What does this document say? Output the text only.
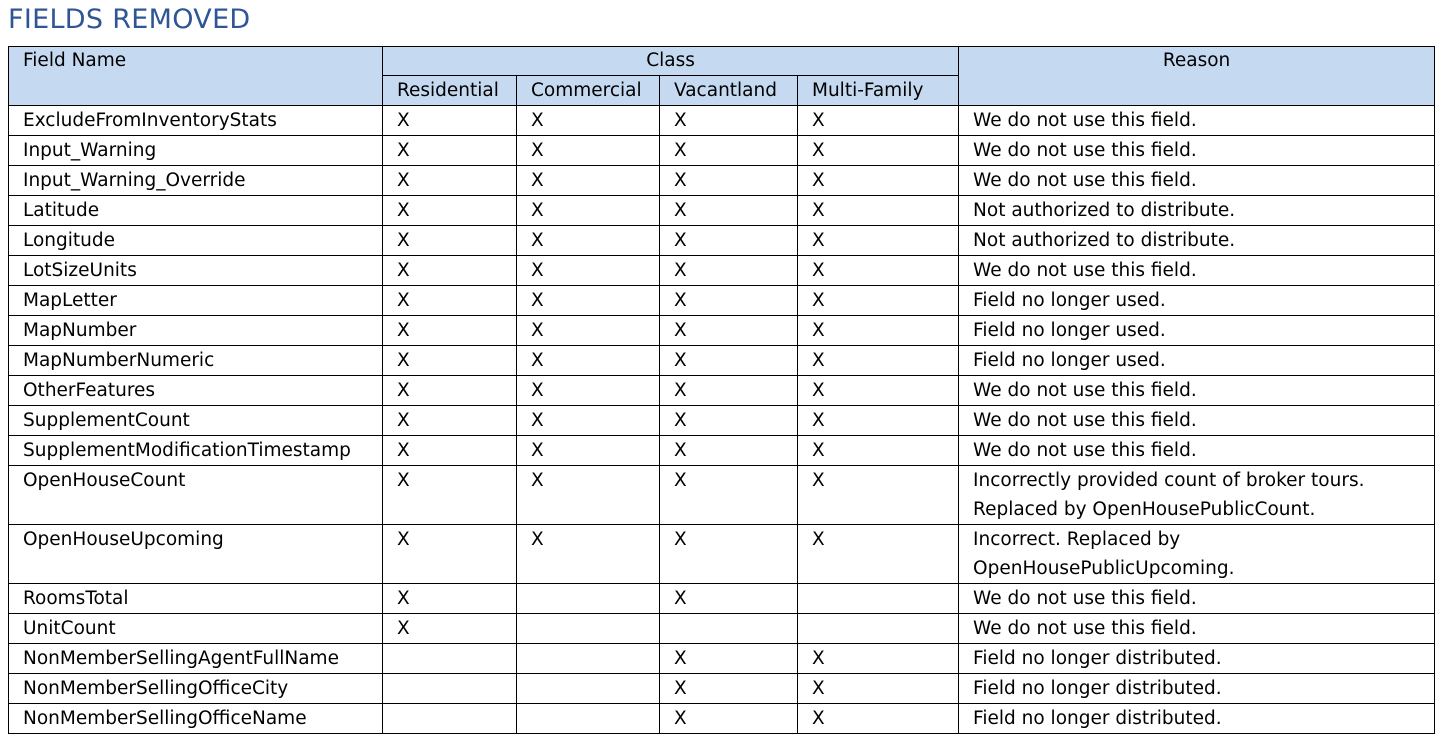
FIELDS REMOVED
Field Name	Class				Reason
	Residential	Commercial	Vacantland	Multi-Family	
ExcludeFromInventoryStats	X	X	X	X	We do not use this field.
Input_Warning	X	X	X	X	We do not use this field.
Input_Warning_Override	X	X	X	X	We do not use this field.
Latitude	X	X	X	X	Not authorized to distribute.
Longitude	X	X	X	X	Not authorized to distribute.
LotSizeUnits	X	X	X	X	We do not use this field.
MapLetter	X	X	X	X	Field no longer used.
MapNumber	X	X	X	X	Field no longer used.
MapNumberNumeric	X	X	X	X	Field no longer used.
OtherFeatures	X	X	X	X	We do not use this field.
SupplementCount	X	X	X	X	We do not use this field.
SupplementModificationTimestamp	X	X	X	X	We do not use this field.
OpenHouseCount	X	X	X	X	Incorrectly provided count of broker tours. Replaced by OpenHousePublicCount.
OpenHouseUpcoming	X	X	X	X	Incorrect. Replaced by OpenHousePublicUpcoming.
RoomsTotal	X		X		We do not use this field.
UnitCount	X				We do not use this field.
NonMemberSellingAgentFullName			X	X	Field no longer distributed.
NonMemberSellingOfficeCity			X	X	Field no longer distributed.
NonMemberSellingOfficeName			X	X	Field no longer distributed.
